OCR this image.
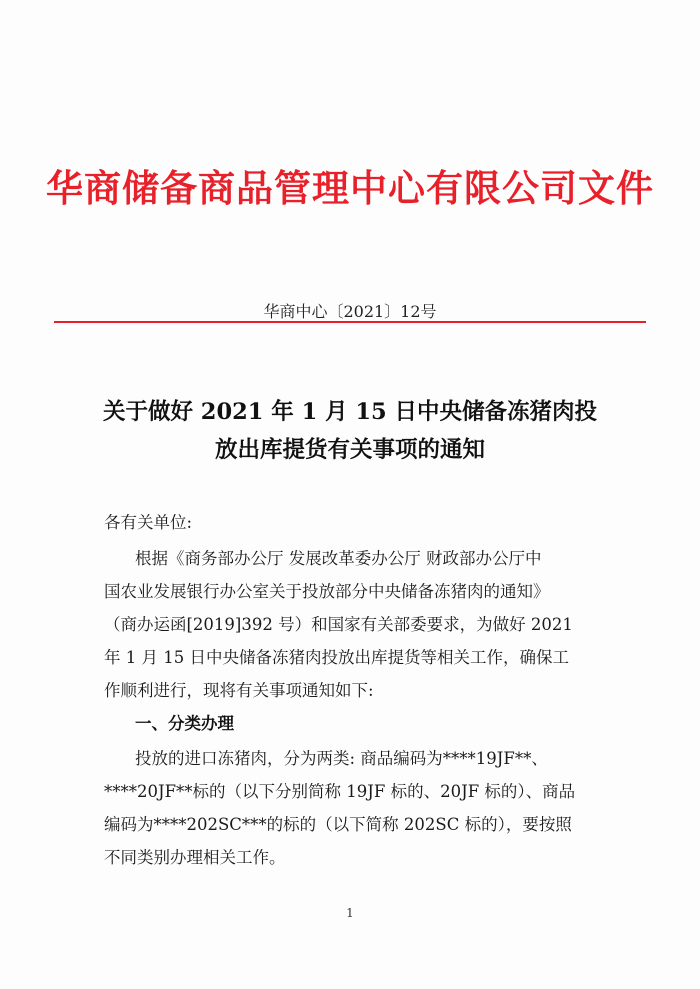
华商储备商品管理中心有限公司文件
华商中心〔2021〕12号
关于做好 2021 年 1 月 15 日中央储备冻猪肉投
放出库提货有关事项的通知
各有关单位:
根据《商务部办公厅 发展改革委办公厅 财政部办公厅中
国农业发展银行办公室关于投放部分中央储备冻猪肉的通知》
（商办运函[2019]392 号）和国家有关部委要求，为做好 2021
年 1 月 15 日中央储备冻猪肉投放出库提货等相关工作，确保工
作顺利进行，现将有关事项通知如下:
一、分类办理
投放的进口冻猪肉，分为两类: 商品编码为****19JF**、
****20JF**标的（以下分别简称 19JF 标的、20JF 标的）、商品
编码为****202SC***的标的（以下简称 202SC 标的），要按照
不同类别办理相关工作。
1
